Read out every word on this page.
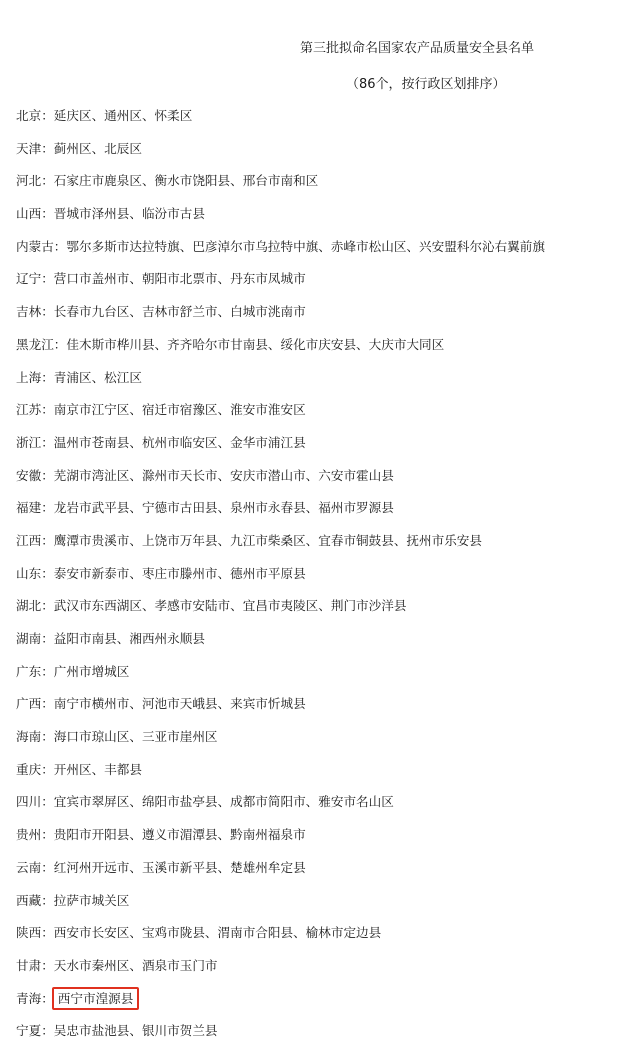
第三批拟命名国家农产品质量安全县名单
（86个，按行政区划排序）
北京：延庆区、通州区、怀柔区
天津：蓟州区、北辰区
河北：石家庄市鹿泉区、衡水市饶阳县、邢台市南和区
山西：晋城市泽州县、临汾市古县
内蒙古：鄂尔多斯市达拉特旗、巴彦淖尔市乌拉特中旗、赤峰市松山区、兴安盟科尔沁右翼前旗
辽宁：营口市盖州市、朝阳市北票市、丹东市凤城市
吉林：长春市九台区、吉林市舒兰市、白城市洮南市
黑龙江：佳木斯市桦川县、齐齐哈尔市甘南县、绥化市庆安县、大庆市大同区
上海：青浦区、松江区
江苏：南京市江宁区、宿迁市宿豫区、淮安市淮安区
浙江：温州市苍南县、杭州市临安区、金华市浦江县
安徽：芜湖市湾沚区、滁州市天长市、安庆市潜山市、六安市霍山县
福建：龙岩市武平县、宁德市古田县、泉州市永春县、福州市罗源县
江西：鹰潭市贵溪市、上饶市万年县、九江市柴桑区、宜春市铜鼓县、抚州市乐安县
山东：泰安市新泰市、枣庄市滕州市、德州市平原县
湖北：武汉市东西湖区、孝感市安陆市、宜昌市夷陵区、荆门市沙洋县
湖南：益阳市南县、湘西州永顺县
广东：广州市增城区
广西：南宁市横州市、河池市天峨县、来宾市忻城县
海南：海口市琼山区、三亚市崖州区
重庆：开州区、丰都县
四川：宜宾市翠屏区、绵阳市盐亭县、成都市简阳市、雅安市名山区
贵州：贵阳市开阳县、遵义市湄潭县、黔南州福泉市
云南：红河州开远市、玉溪市新平县、楚雄州牟定县
西藏：拉萨市城关区
陕西：西安市长安区、宝鸡市陇县、渭南市合阳县、榆林市定边县
甘肃：天水市秦州区、酒泉市玉门市
青海： 西宁市湟源县
宁夏：吴忠市盐池县、银川市贺兰县
